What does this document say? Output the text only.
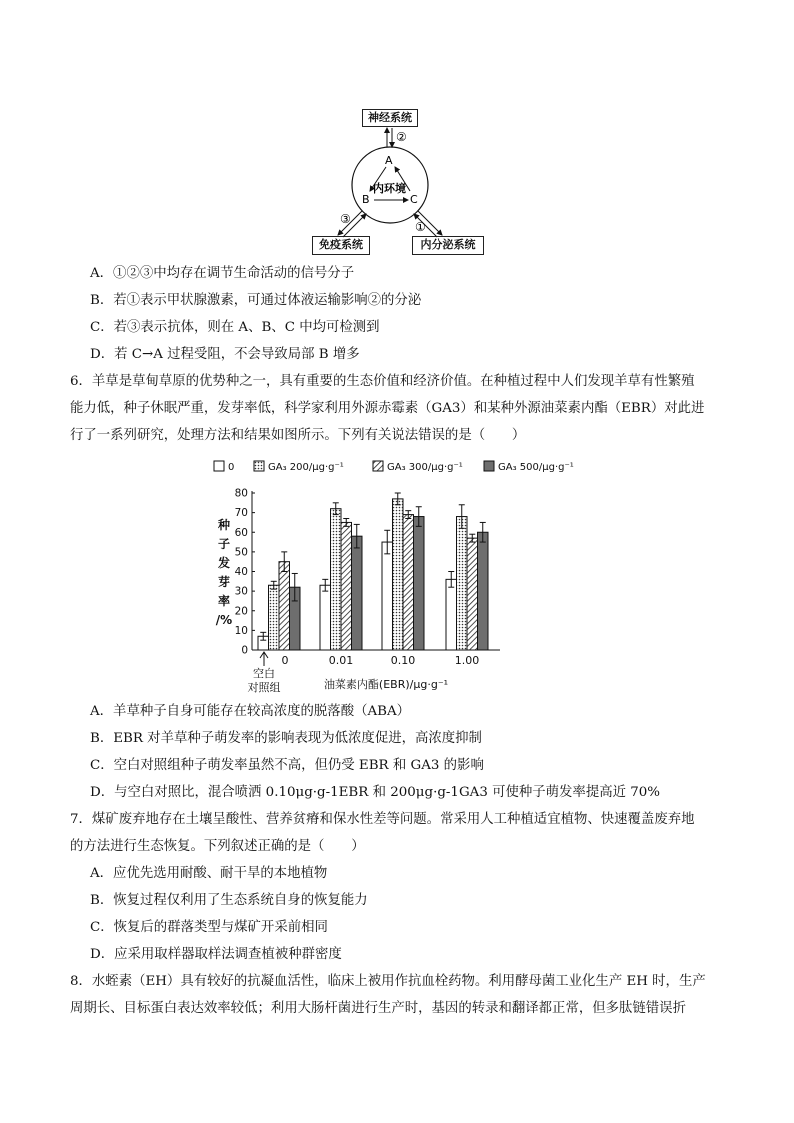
神经系统
免疫系统	内分泌系统
②
A
B	C
内环境
③
①
A．①②③中均存在调节生命活动的信号分子
B．若①表示甲状腺激素，可通过体液运输影响②的分泌
C．若③表示抗体，则在 A、B、C 中均可检测到
D．若 C→A 过程受阻，不会导致局部 B 增多
6．羊草是草甸草原的优势种之一，具有重要的生态价值和经济价值。在种植过程中人们发现羊草有性繁殖
能力低，种子休眠严重，发芽率低，科学家利用外源赤霉素（GA3）和某种外源油菜素内酯（EBR）对此进
行了一系列研究，处理方法和结果如图所示。下列有关说法错误的是（　　）
0	GA₃ 200/μg·g⁻¹	GA₃ 300/μg·g⁻¹	GA₃ 500/μg·g⁻¹
0
10
20
30
40
50
60
70
80
种
子
发
芽
率
/%
0	0.01	0.10	1.00
空白
对照组	油菜素内酯(EBR)/μg·g⁻¹
A．羊草种子自身可能存在较高浓度的脱落酸（ABA）
B．EBR 对羊草种子萌发率的影响表现为低浓度促进，高浓度抑制
C．空白对照组种子萌发率虽然不高，但仍受 EBR 和 GA3 的影响
D．与空白对照比，混合喷洒 0.10μg·g-1EBR 和 200μg·g-1GA3 可使种子萌发率提高近 70%
7．煤矿废弃地存在土壤呈酸性、营养贫瘠和保水性差等问题。常采用人工种植适宜植物、快速覆盖废弃地
的方法进行生态恢复。下列叙述正确的是（　　）
A．应优先选用耐酸、耐干旱的本地植物
B．恢复过程仅利用了生态系统自身的恢复能力
C．恢复后的群落类型与煤矿开采前相同
D．应采用取样器取样法调查植被种群密度
8．水蛭素（EH）具有较好的抗凝血活性，临床上被用作抗血栓药物。利用酵母菌工业化生产 EH 时，生产
周期长、目标蛋白表达效率较低；利用大肠杆菌进行生产时，基因的转录和翻译都正常，但多肽链错误折
